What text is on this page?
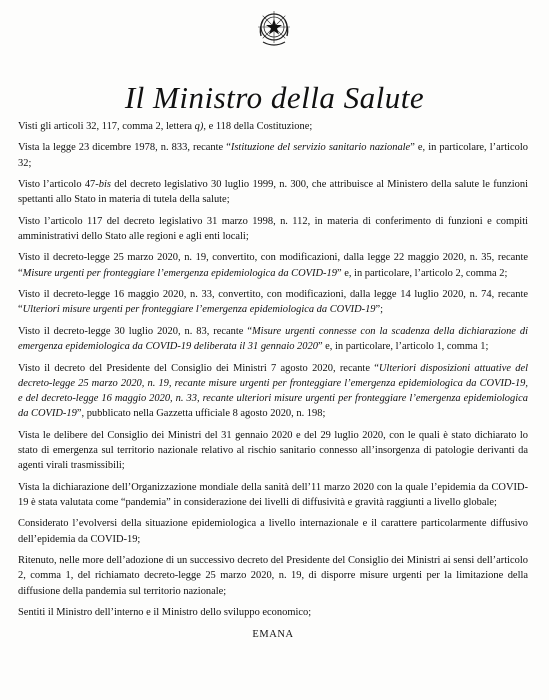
Il Ministro della Salute

Visti gli articoli 32, 117, comma 2, lettera q), e 118 della Costituzione;

Vista la legge 23 dicembre 1978, n. 833, recante “Istituzione del servizio sanitario nazionale” e, in particolare, l’articolo 32;

Visto l’articolo 47-bis del decreto legislativo 30 luglio 1999, n. 300, che attribuisce al Ministero della salute le funzioni spettanti allo Stato in materia di tutela della salute;

Visto l’articolo 117 del decreto legislativo 31 marzo 1998, n. 112, in materia di conferimento di funzioni e compiti amministrativi dello Stato alle regioni e agli enti locali;

Visto il decreto-legge 25 marzo 2020, n. 19, convertito, con modificazioni, dalla legge 22 maggio 2020, n. 35, recante “Misure urgenti per fronteggiare l’emergenza epidemiologica da COVID-19” e, in particolare, l’articolo 2, comma 2;

Visto il decreto-legge 16 maggio 2020, n. 33, convertito, con modificazioni, dalla legge 14 luglio 2020, n. 74, recante “Ulteriori misure urgenti per fronteggiare l’emergenza epidemiologica da COVID-19”;

Visto il decreto-legge 30 luglio 2020, n. 83, recante “Misure urgenti connesse con la scadenza della dichiarazione di emergenza epidemiologica da COVID-19 deliberata il 31 gennaio 2020” e, in particolare, l’articolo 1, comma 1;

Visto il decreto del Presidente del Consiglio dei Ministri 7 agosto 2020, recante “Ulteriori disposizioni attuative del decreto-legge 25 marzo 2020, n. 19, recante misure urgenti per fronteggiare l’emergenza epidemiologica da COVID-19, e del decreto-legge 16 maggio 2020, n. 33, recante ulteriori misure urgenti per fronteggiare l’emergenza epidemiologica da COVID-19”, pubblicato nella Gazzetta ufficiale 8 agosto 2020, n. 198;

Vista le delibere del Consiglio dei Ministri del 31 gennaio 2020 e del 29 luglio 2020, con le quali è stato dichiarato lo stato di emergenza sul territorio nazionale relativo al rischio sanitario connesso all’insorgenza di patologie derivanti da agenti virali trasmissibili;

Vista la dichiarazione dell’Organizzazione mondiale della sanità dell’11 marzo 2020 con la quale l’epidemia da COVID-19 è stata valutata come “pandemia” in considerazione dei livelli di diffusività e gravità raggiunti a livello globale;

Considerato l’evolversi della situazione epidemiologica a livello internazionale e il carattere particolarmente diffusivo dell’epidemia da COVID-19;

Ritenuto, nelle more dell’adozione di un successivo decreto del Presidente del Consiglio dei Ministri ai sensi dell’articolo 2, comma 1, del richiamato decreto-legge 25 marzo 2020, n. 19, di disporre misure urgenti per la limitazione della diffusione della pandemia sul territorio nazionale;

Sentiti il Ministro dell’interno e il Ministro dello sviluppo economico;

EMANA
